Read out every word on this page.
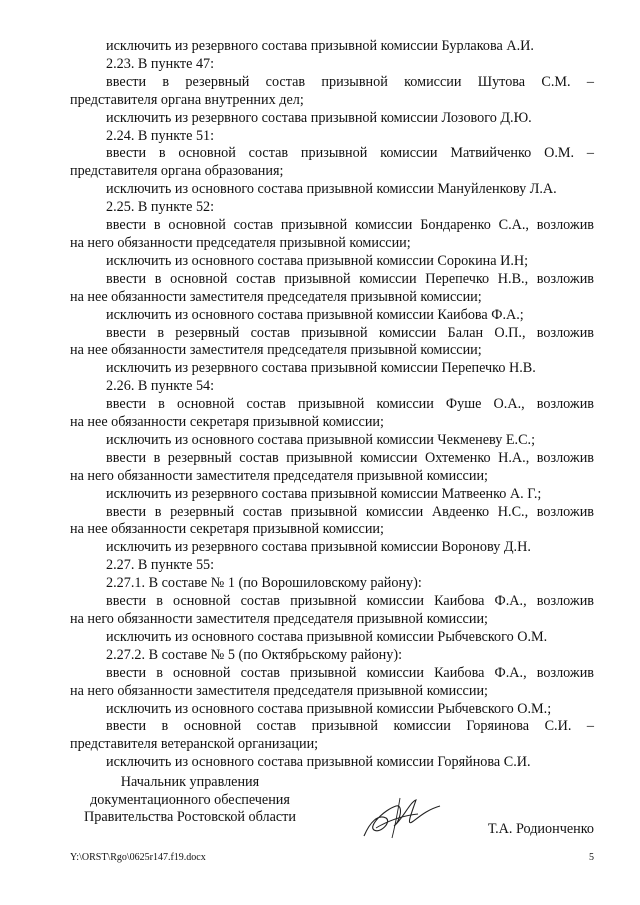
исключить из резервного состава призывной комиссии Бурлакова А.И.
2.23. В пункте 47:
ввести в резервный состав призывной комиссии Шутова С.М. –
представителя органа внутренних дел;
исключить из резервного состава призывной комиссии Лозового Д.Ю.
2.24. В пункте 51:
ввести в основной состав призывной комиссии Матвийченко О.М. –
представителя органа образования;
исключить из основного состава призывной комиссии Мануйленкову Л.А.
2.25. В пункте 52:
ввести в основной состав призывной комиссии Бондаренко С.А., возложив
на него обязанности председателя призывной комиссии;
исключить из основного состава призывной комиссии Сорокина И.Н;
ввести в основной состав призывной комиссии Перепечко Н.В., возложив
на нее обязанности заместителя председателя призывной комиссии;
исключить из основного состава призывной комиссии Каибова Ф.А.;
ввести в резервный состав призывной комиссии Балан О.П., возложив
на нее обязанности заместителя председателя призывной комиссии;
исключить из резервного состава призывной комиссии Перепечко Н.В.
2.26. В пункте 54:
ввести в основной состав призывной комиссии Фуше О.А., возложив
на нее обязанности секретаря призывной комиссии;
исключить из основного состава призывной комиссии Чекменеву Е.С.;
ввести в резервный состав призывной комиссии Охтеменко Н.А., возложив
на него обязанности заместителя председателя призывной комиссии;
исключить из резервного состава призывной комиссии Матвеенко А. Г.;
ввести в резервный состав призывной комиссии Авдеенко Н.С., возложив
на нее обязанности секретаря призывной комиссии;
исключить из резервного состава призывной комиссии Воронову Д.Н.
2.27. В пункте 55:
2.27.1. В составе № 1 (по Ворошиловскому району):
ввести в основной состав призывной комиссии Каибова Ф.А., возложив
на него обязанности заместителя председателя призывной комиссии;
исключить из основного состава призывной комиссии Рыбчевского О.М.
2.27.2. В составе № 5 (по Октябрьскому району):
ввести в основной состав призывной комиссии Каибова Ф.А., возложив
на него обязанности заместителя председателя призывной комиссии;
исключить из основного состава призывной комиссии Рыбчевского О.М.;
ввести в основной состав призывной комиссии Горяинова С.И. –
представителя ветеранской организации;
исключить из основного состава призывной комиссии Горяйнова С.И.
Начальник управления
документационного обеспечения
Правительства Ростовской области
Т.А. Родионченко
Y:\ORST\Rgo\0625r147.f19.docx	5
